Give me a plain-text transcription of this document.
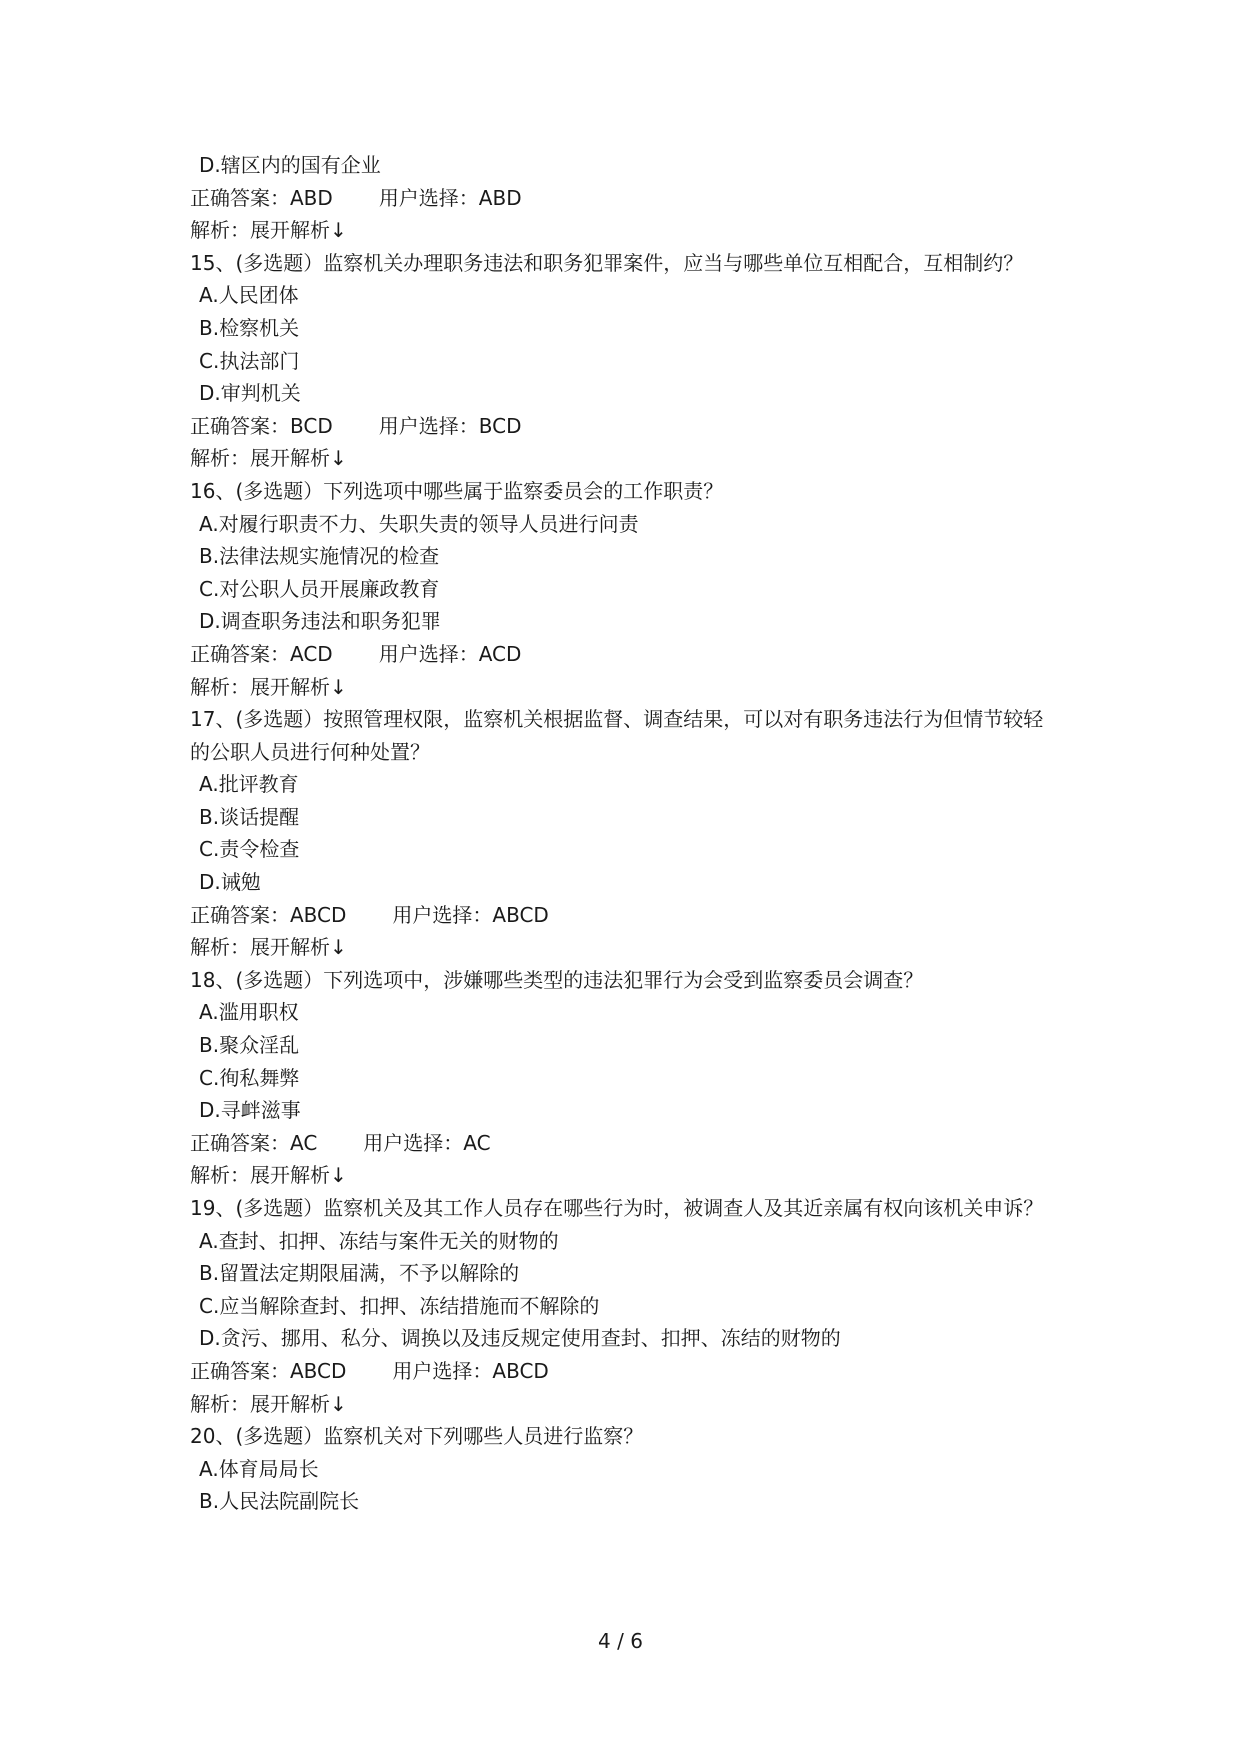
D.辖区内的国有企业
正确答案：ABD 用户选择：ABD
解析：展开解析↓
15、(多选题）监察机关办理职务违法和职务犯罪案件，应当与哪些单位互相配合，互相制约？
A.人民团体
B.检察机关
C.执法部门
D.审判机关
正确答案：BCD 用户选择：BCD
解析：展开解析↓
16、(多选题）下列选项中哪些属于监察委员会的工作职责？
A.对履行职责不力、失职失责的领导人员进行问责
B.法律法规实施情况的检查
C.对公职人员开展廉政教育
D.调查职务违法和职务犯罪
正确答案：ACD 用户选择：ACD
解析：展开解析↓
17、(多选题）按照管理权限，监察机关根据监督、调查结果，可以对有职务违法行为但情节较轻的公职人员进行何种处置？
A.批评教育
B.谈话提醒
C.责令检查
D.诫勉
正确答案：ABCD 用户选择：ABCD
解析：展开解析↓
18、(多选题）下列选项中，涉嫌哪些类型的违法犯罪行为会受到监察委员会调查？
A.滥用职权
B.聚众淫乱
C.徇私舞弊
D.寻衅滋事
正确答案：AC 用户选择：AC
解析：展开解析↓
19、(多选题）监察机关及其工作人员存在哪些行为时，被调查人及其近亲属有权向该机关申诉？
A.查封、扣押、冻结与案件无关的财物的
B.留置法定期限届满，不予以解除的
C.应当解除查封、扣押、冻结措施而不解除的
D.贪污、挪用、私分、调换以及违反规定使用查封、扣押、冻结的财物的
正确答案：ABCD 用户选择：ABCD
解析：展开解析↓
20、(多选题）监察机关对下列哪些人员进行监察？
A.体育局局长
B.人民法院副院长
4 / 6
